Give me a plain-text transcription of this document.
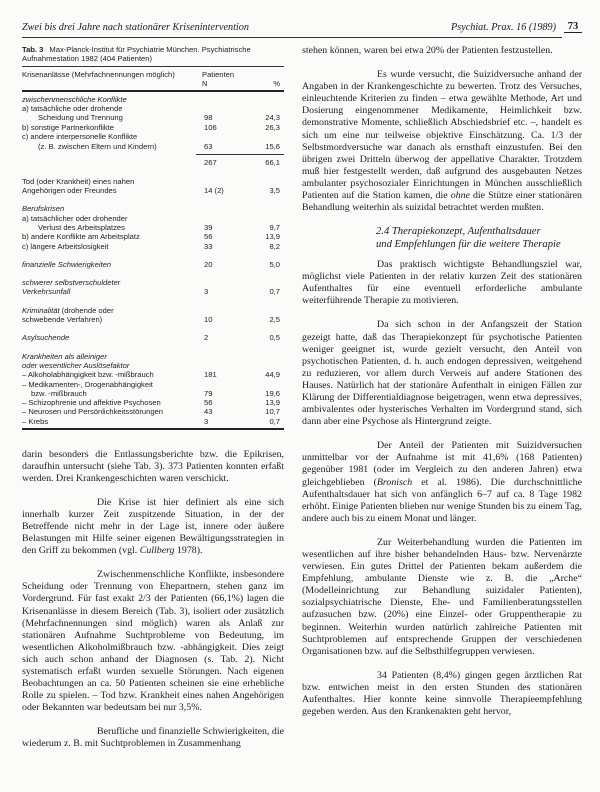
Zwei bis drei Jahre nach stationärer Krisenintervention	Psychiat. Prax. 16 (1989)	73
Tab. 3 Max-Planck-Institut für Psychiatrie München. Psychiatrische Aufnahmestation 1982 (404 Patienten)
Krisenanlässe (Mehrfachnennungen möglich)	Patienten
N	%
zwischenmenschliche Konflikte
a) tatsächliche oder drohende
Scheidung und Trennung	98	24,3
b) sonstige Partnerkonflikte	106	26,3
c) andere interpersonelle Konflikte
(z. B. zwischen Eltern und Kindern)	63	15,6
267	66,1
Tod (oder Krankheit) eines nahen
Angehörigen oder Freundes	14 (2)	3,5
Berufskrisen
a) tatsächlicher oder drohender
Verlust des Arbeitsplatzes	39	9,7
b) andere Konflikte am Arbeitsplatz	56	13,9
c) längere Arbeitslosigkeit	33	8,2
finanzielle Schwierigkeiten	20	5,0
schwerer selbstverschuldeter
Verkehrsunfall	3	0,7
Kriminalität (drohende oder
schwebende Verfahren)	10	2,5
Asylsuchende	2	0,5
Krankheiten als alleiniger
oder wesentlicher Auslösefaktor
– Alkoholabhängigkeit bzw. -mißbrauch	181	44,9
– Medikamenten-, Drogenabhängigkeit
bzw. -mißbrauch	79	19,6
– Schizophrenie und affektive Psychosen	56	13,9
– Neurosen und Persönlichkeitsstörungen	43	10,7
– Krebs	3	0,7

darin besonders die Entlassungsberichte bzw. die Epikrisen, daraufhin untersucht (siehe Tab. 3). 373 Patienten konnten erfaßt werden. Drei Krankengeschichten waren verschickt.

Die Krise ist hier definiert als eine sich innerhalb kurzer Zeit zuspitzende Situation, in der der Betreffende nicht mehr in der Lage ist, innere oder äußere Belastungen mit Hilfe seiner eigenen Bewältigungsstrategien in den Griff zu bekommen (vgl. Cullberg 1978).

Zwischenmenschliche Konflikte, insbesondere Scheidung oder Trennung von Ehepartnern, stehen ganz im Vordergrund. Für fast exakt 2/3 der Patienten (66,1%) lagen die Krisenanlässe in diesem Bereich (Tab. 3), isoliert oder zusätzlich (Mehrfachnennungen sind möglich) waren als Anlaß zur stationären Aufnahme Suchtprobleme von Bedeutung, im wesentlichen Alkoholmißbrauch bzw. -abhängigkeit. Dies zeigt sich auch schon anhand der Diagnosen (s. Tab. 2). Nicht systematisch erfaßt wurden sexuelle Störungen. Nach eigenen Beobachtungen an ca. 50 Patienten scheinen sie eine erhebliche Rolle zu spielen. – Tod bzw. Krankheit eines nahen Angehörigen oder Bekannten war bedeutsam bei nur 3,5%.

Berufliche und finanzielle Schwierigkeiten, die wiederum z. B. mit Suchtproblemen in Zusammenhang

stehen können, waren bei etwa 20% der Patienten festzustellen.

Es wurde versucht, die Suizidversuche anhand der Angaben in der Krankengeschichte zu bewerten. Trotz des Versuches, einleuchtende Kriterien zu finden – etwa gewählte Methode, Art und Dosierung eingenommener Medikamente, Heimlichkeit bzw. demonstrative Momente, schließlich Abschiedsbrief etc. –, handelt es sich um eine nur teilweise objektive Einschätzung. Ca. 1/3 der Selbstmordversuche war danach als ernsthaft einzustufen. Bei den übrigen zwei Dritteln überwog der appellative Charakter. Trotzdem muß hier festgestellt werden, daß aufgrund des ausgebauten Netzes ambulanter psychosozialer Einrichtungen in München ausschließlich Patienten auf die Station kamen, die ohne die Stütze einer stationären Behandlung weiterhin als suizidal betrachtet werden mußten.

2.4 Therapiekonzept, Aufenthaltsdauer
und Empfehlungen für die weitere Therapie

Das praktisch wichtigste Behandlungsziel war, möglichst viele Patienten in der relativ kurzen Zeit des stationären Aufenthaltes für eine eventuell erforderliche ambulante weiterführende Therapie zu motivieren.

Da sich schon in der Anfangszeit der Station gezeigt hatte, daß das Therapiekonzept für psychotische Patienten weniger geeignet ist, wurde gezielt versucht, den Anteil von psychotischen Patienten, d. h. auch endogen depressiven, weitgehend zu reduzieren, vor allem durch Verweis auf andere Stationen des Hauses. Natürlich hat der stationäre Aufenthalt in einigen Fällen zur Klärung der Differentialdiagnose beigetragen, wenn etwa depressives, ambivalentes oder hysterisches Verhalten im Vordergrund stand, sich dann aber eine Psychose als Hintergrund zeigte.

Der Anteil der Patienten mit Suizidversuchen unmittelbar vor der Aufnahme ist mit 41,6% (168 Patienten) gegenüber 1981 (oder im Vergleich zu den anderen Jahren) etwa gleichgeblieben (Bronisch et al. 1986). Die durchschnittliche Aufenthaltsdauer hat sich von anfänglich 6–7 auf ca. 8 Tage 1982 erhöht. Einige Patienten blieben nur wenige Stunden bis zu einem Tag, andere auch bis zu einem Monat und länger.

Zur Weiterbehandlung wurden die Patienten im wesentlichen auf ihre bisher behandelnden Haus- bzw. Nervenärzte verwiesen. Ein gutes Drittel der Patienten bekam außerdem die Empfehlung, ambulante Dienste wie z. B. die „Arche“ (Modelleinrichtung zur Behandlung suizidaler Patienten), sozialpsychiatrische Dienste, Ehe- und Familienberatungsstellen aufzusuchen bzw. (20%) eine Einzel- oder Gruppentherapie zu beginnen. Weiterhin wurden natürlich zahlreiche Patienten mit Suchtproblemen auf entsprechende Gruppen der verschiedenen Organisationen bzw. auf die Selbsthilfegruppen verwiesen.

34 Patienten (8,4%) gingen gegen ärztlichen Rat bzw. entwichen meist in den ersten Stunden des stationären Aufenthaltes. Hier konnte keine sinnvolle Therapieempfehlung gegeben werden. Aus den Krankenakten geht hervor,
